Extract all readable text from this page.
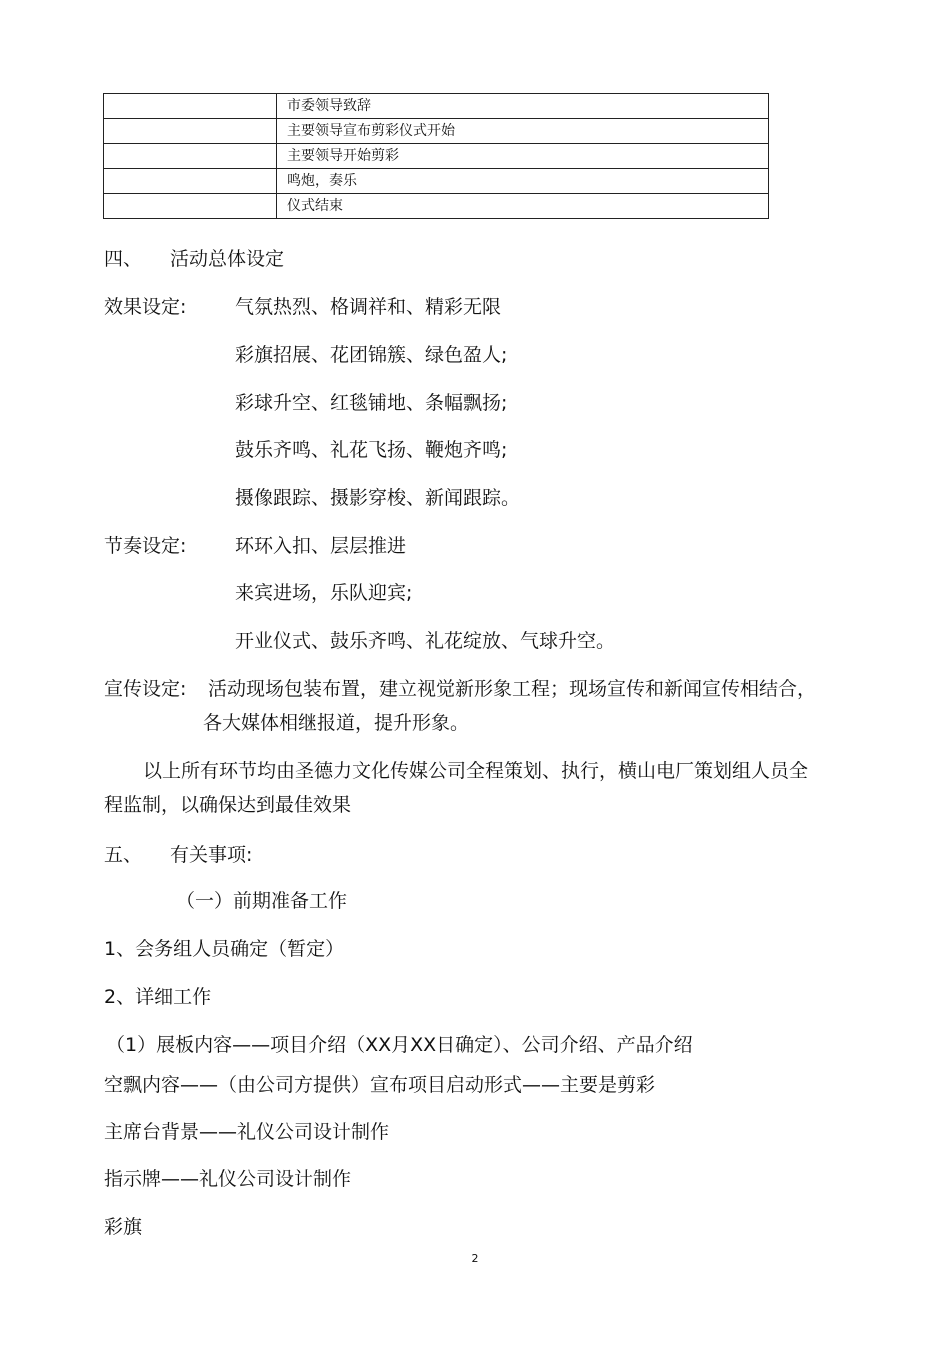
	市委领导致辞
	主要领导宣布剪彩仪式开始
	主要领导开始剪彩
	鸣炮，奏乐
	仪式结束
四、 活动总体设定
效果设定:	气氛热烈、格调祥和、精彩无限
彩旗招展、花团锦簇、绿色盈人;
彩球升空、红毯铺地、条幅飘扬;
鼓乐齐鸣、礼花飞扬、鞭炮齐鸣;
摄像跟踪、摄影穿梭、新闻跟踪。
节奏设定:	环环入扣、层层推进
来宾进场，乐队迎宾;
开业仪式、鼓乐齐鸣、礼花绽放、气球升空。
宣传设定: 活动现场包装布置，建立视觉新形象工程；现场宣传和新闻宣传相结合，
各大媒体相继报道，提升形象。
以上所有环节均由圣德力文化传媒公司全程策划、执行，横山电厂策划组人员全
程监制，以确保达到最佳效果
五、 有关事项:
（一）前期准备工作
1、会务组人员确定（暂定）
2、详细工作
（1）展板内容——项目介绍（XX月XX日确定）、公司介绍、产品介绍
空飘内容——（由公司方提供）宣布项目启动形式——主要是剪彩
主席台背景——礼仪公司设计制作
指示牌——礼仪公司设计制作
彩旗
2
